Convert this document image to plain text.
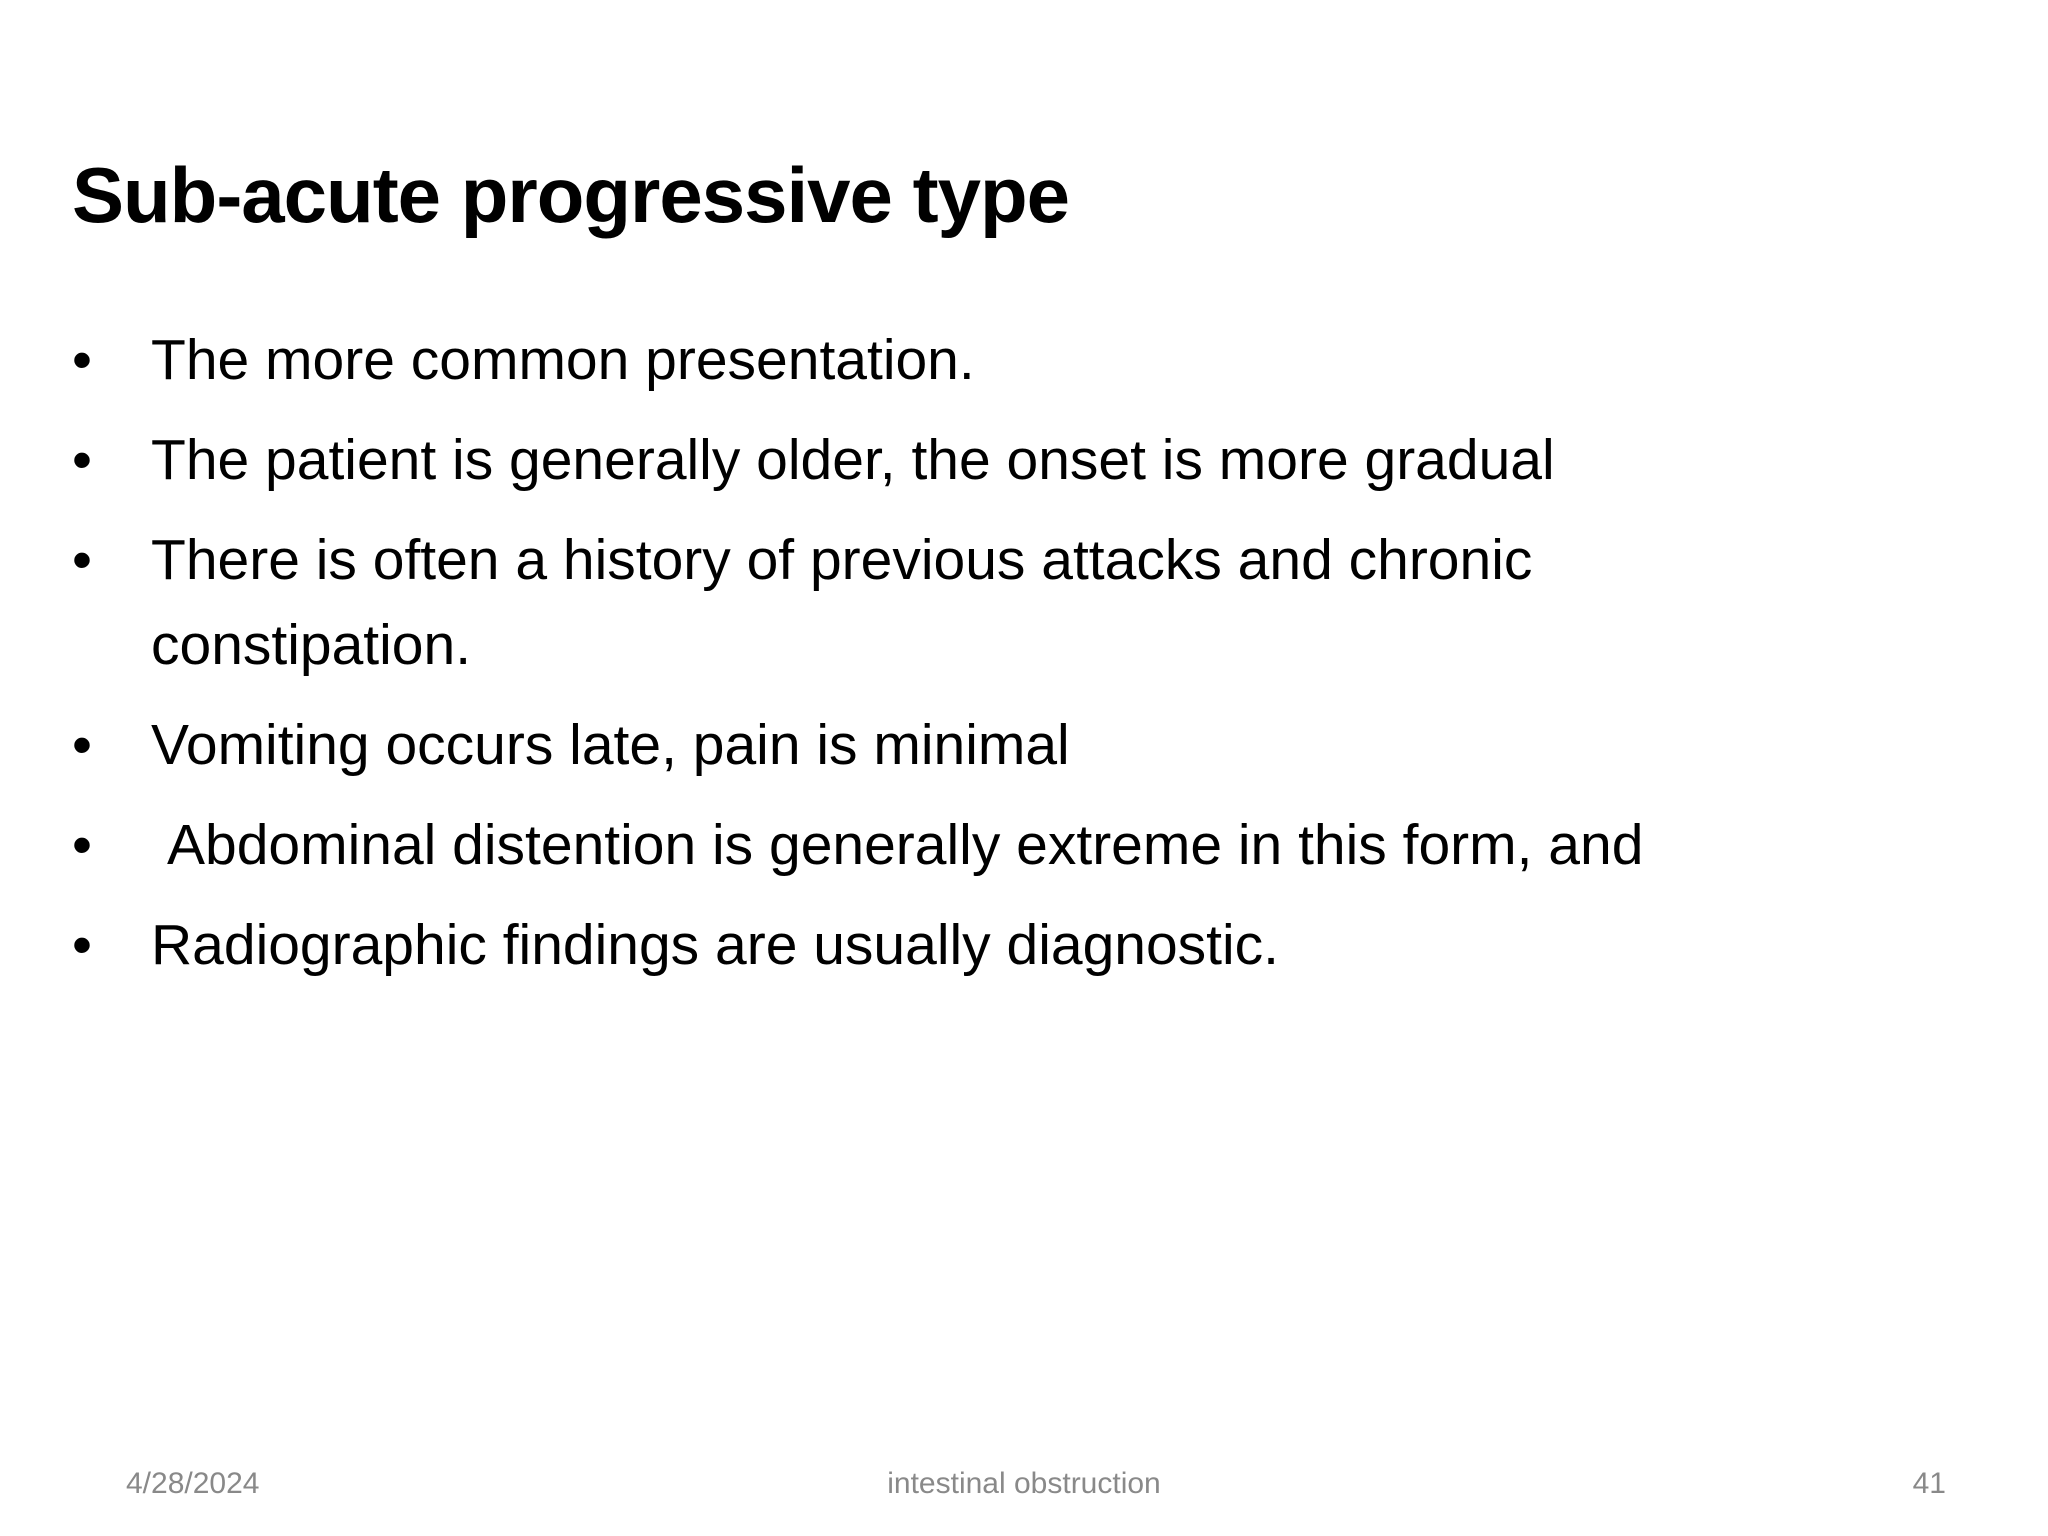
Sub-acute progressive type
• The more common presentation.
• The patient is generally older, the onset is more gradual
• There is often a history of previous attacks and chronic constipation.
• Vomiting occurs late, pain is minimal
• Abdominal distention is generally extreme in this form, and
• Radiographic findings are usually diagnostic.
4/28/2024	intestinal obstruction	41
